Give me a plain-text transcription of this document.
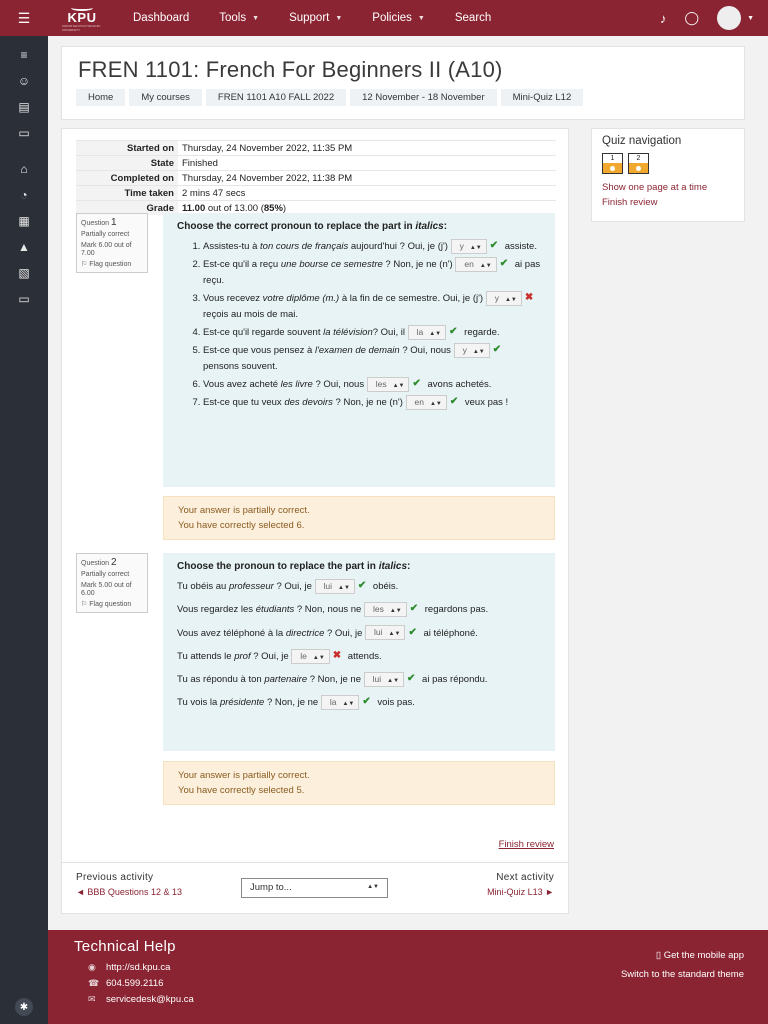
☰	KPU
KWANTLEN POLYTECHNIC UNIVERSITY
Dashboard	Tools ▼	Support ▼	Policies ▼	Search	♪ ◯	▼
≡
☺
▤
▭
⌂
◔
▦
▲
▧
▭
✱
FREN 1101: French For Beginners II (A10)
Home	My courses	FREN 1101 A10 FALL 2022	12 November - 18 November	Mini-Quiz L12
Started on	Thursday, 24 November 2022, 11:35 PM
State	Finished
Completed on	Thursday, 24 November 2022, 11:38 PM
Time taken	2 mins 47 secs
Grade	11.00 out of 13.00 (85%)
Question 1
Partially correct
Mark 6.00 out of 7.00
⚐ Flag question
Choose the correct pronoun to replace the part in italics:
1. Assistes-tu à ton cours de français aujourd'hui ? Oui, je (j') y ▲▼ ✔ assiste.
2. Est-ce qu'il a reçu une bourse ce semestre ? Non, je ne (n') en ▲▼ ✔ ai pas reçu.
3. Vous recevez votre diplôme (m.) à la fin de ce semestre. Oui, je (j') y ▲▼ ✖ reçois au mois de mai.
4. Est-ce qu'il regarde souvent la télévision? Oui, il la ▲▼ ✔ regarde.
5. Est-ce que vous pensez à l'examen de demain ? Oui, nous y ▲▼ ✔ pensons souvent.
6. Vous avez acheté les livre ? Oui, nous les ▲▼ ✔ avons achetés.
7. Est-ce que tu veux des devoirs ? Non, je ne (n') en ▲▼ ✔ veux pas !
Your answer is partially correct.
You have correctly selected 6.
Question 2
Partially correct
Mark 5.00 out of 6.00
⚐ Flag question
Choose the pronoun to replace the part in italics:
Tu obéis au professeur ? Oui, je lui ▲▼ ✔ obéis.
Vous regardez les étudiants ? Non, nous ne les ▲▼ ✔ regardons pas.
Vous avez téléphoné à la directrice ? Oui, je lui ▲▼ ✔ ai téléphoné.
Tu attends le prof ? Oui, je le ▲▼ ✖ attends.
Tu as répondu à ton partenaire ? Non, je ne lui ▲▼ ✔ ai pas répondu.
Tu vois la présidente ? Non, je ne la ▲▼ ✔ vois pas.
Your answer is partially correct.
You have correctly selected 5.
Finish review
Previous activity
◄ BBB Questions 12 & 13	Jump to...	▲▼
Next activity
Mini-Quiz L13 ►
Quiz navigation
1	2
Show one page at a time
Finish review
Technical Help
◉	http://sd.kpu.ca
☎ 604.599.2116
✉	servicedesk@kpu.ca
▯ Get the mobile app
Switch to the standard theme
